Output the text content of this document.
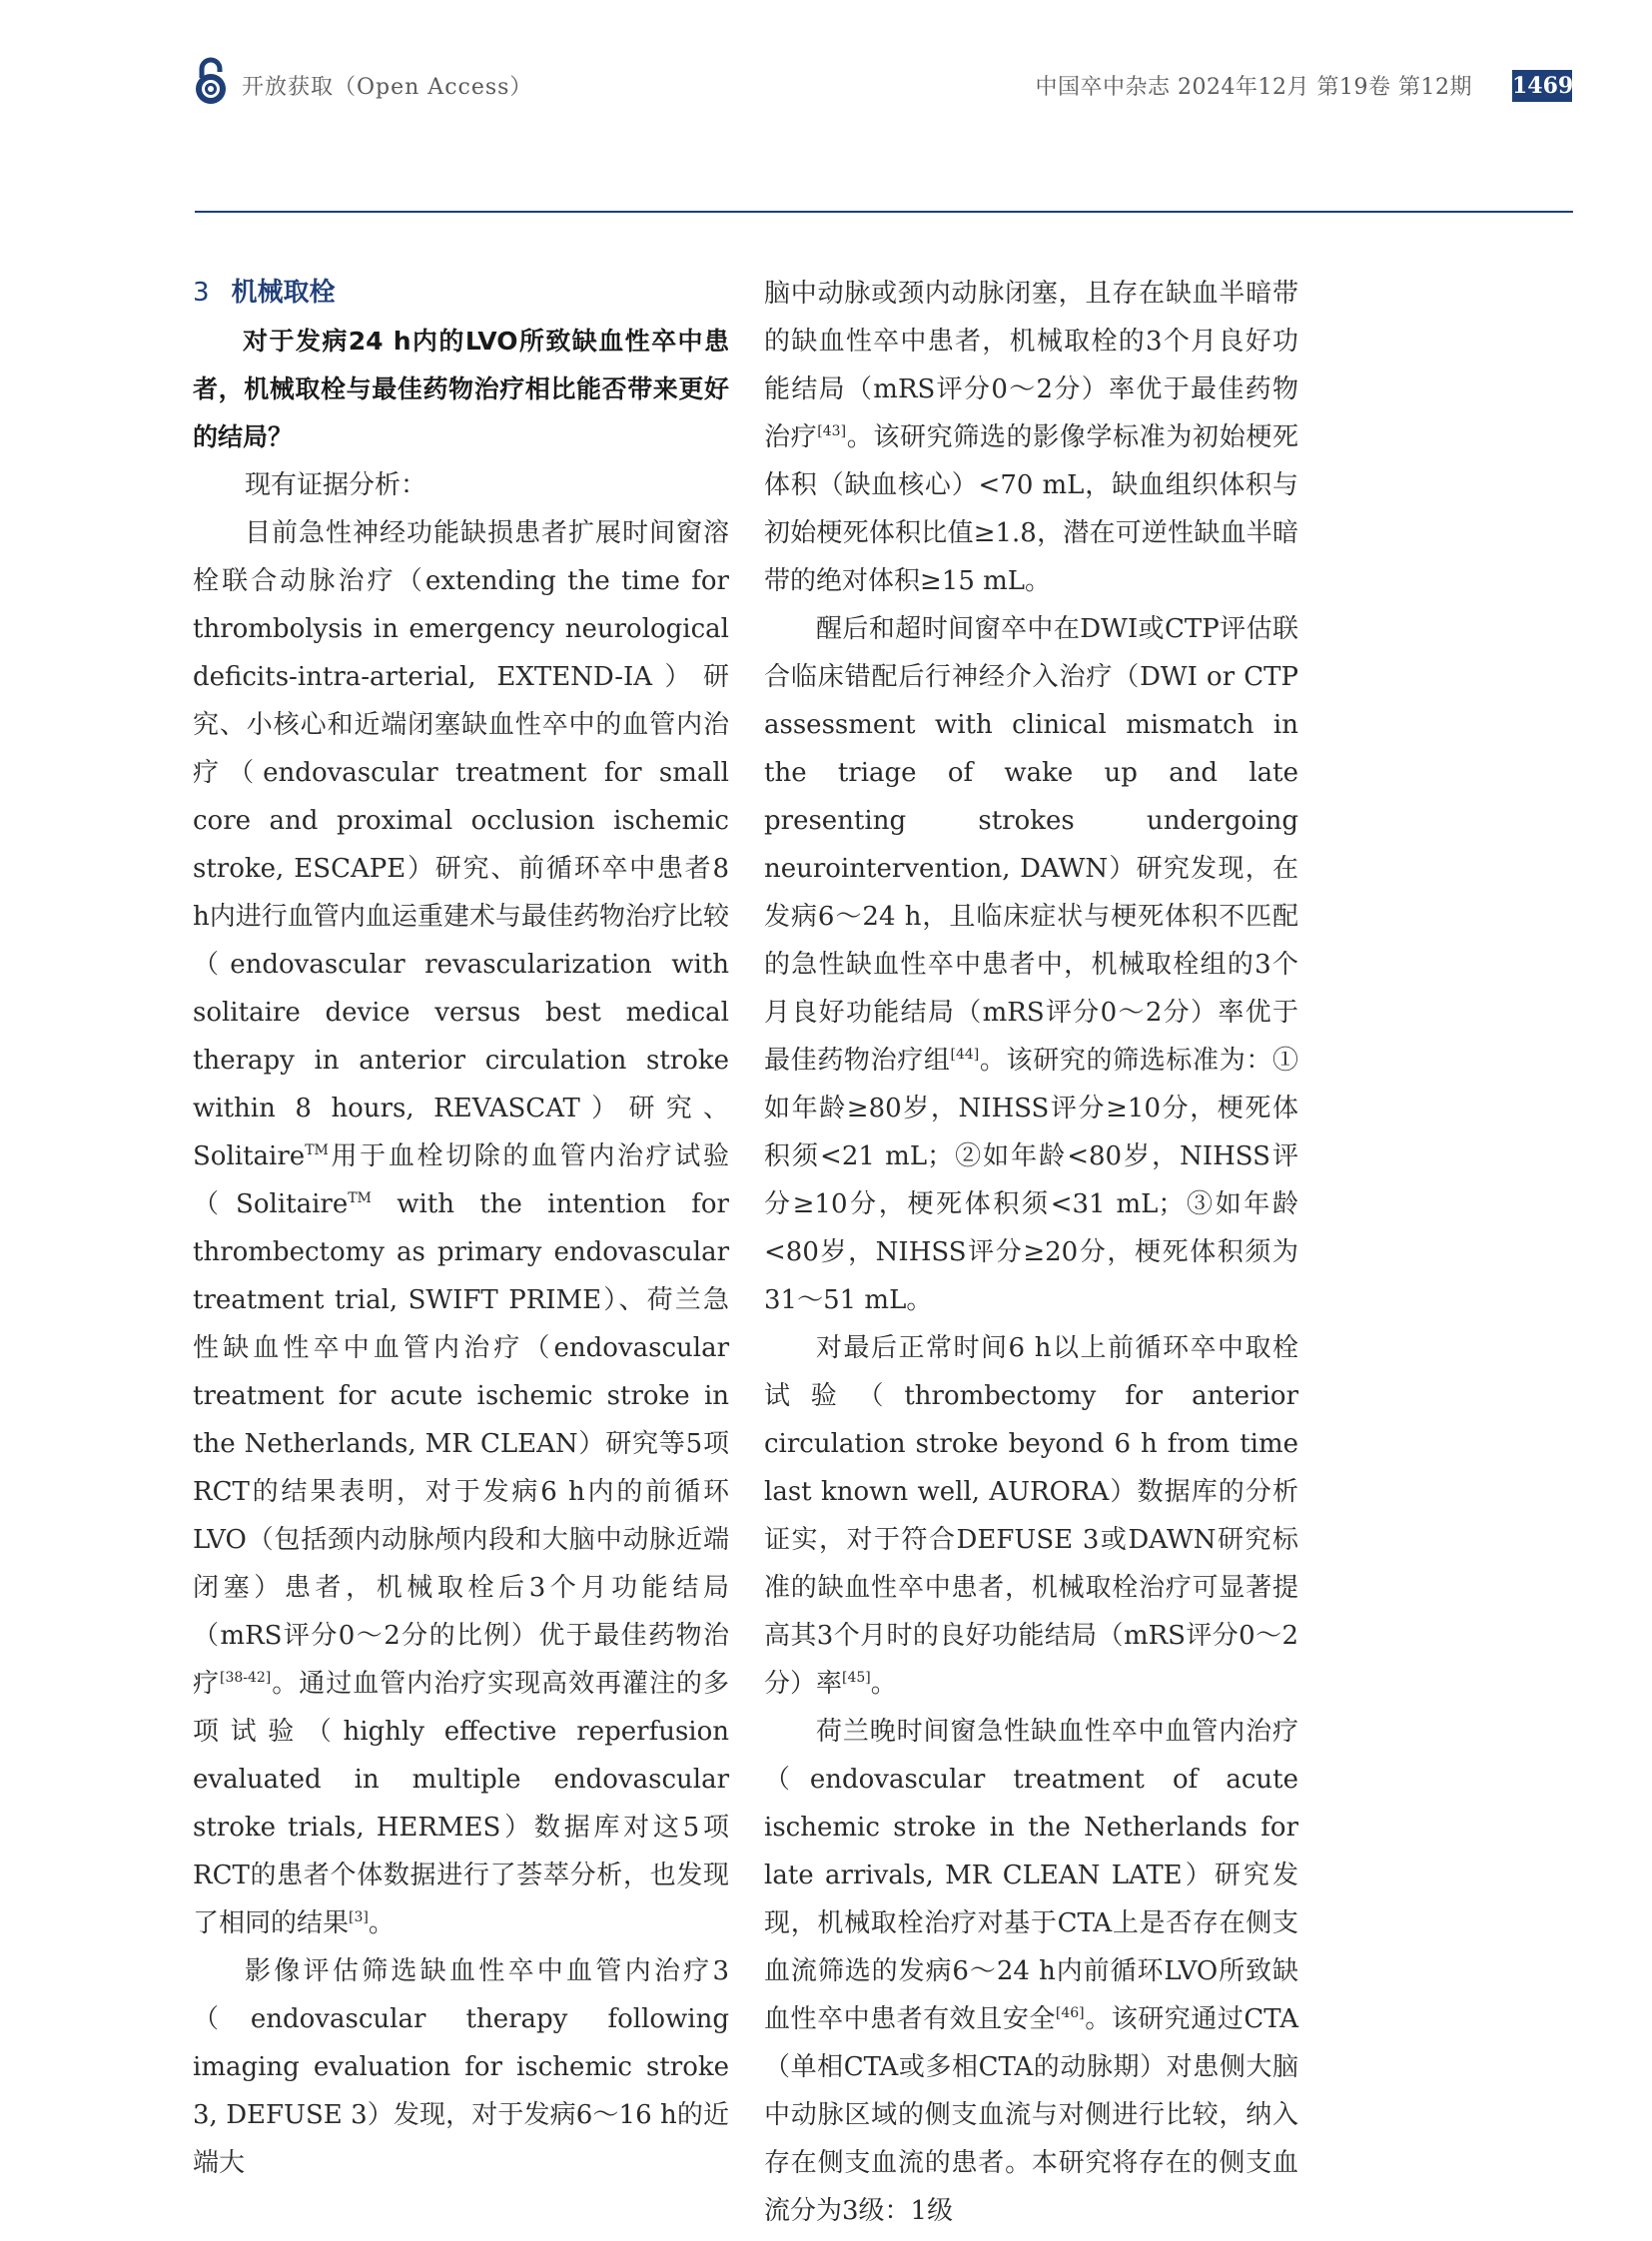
开放获取（Open Access）	中国卒中杂志 2024年12月 第19卷 第12期 1469
3 机械取栓

对于发病24 h内的LVO所致缺血性卒中患者，机械取栓与最佳药物治疗相比能否带来更好的结局？

现有证据分析：

目前急性神经功能缺损患者扩展时间窗溶栓联合动脉治疗（extending the time for thrombolysis in emergency neurological deficits-intra-arterial, EXTEND-IA）研究、小核心和近端闭塞缺血性卒中的血管内治疗（endovascular treatment for small core and proximal occlusion ischemic stroke, ESCAPE）研究、前循环卒中患者8 h内进行血管内血运重建术与最佳药物治疗比较（endovascular revascularization with solitaire device versus best medical therapy in anterior circulation stroke within 8 hours, REVASCAT）研究、Solitaire™用于血栓切除的血管内治疗试验（Solitaire™ with the intention for thrombectomy as primary endovascular treatment trial, SWIFT PRIME）、荷兰急性缺血性卒中血管内治疗（endovascular treatment for acute ischemic stroke in the Netherlands, MR CLEAN）研究等5项RCT的结果表明，对于发病6 h内的前循环LVO（包括颈内动脉颅内段和大脑中动脉近端闭塞）患者，机械取栓后3个月功能结局（mRS评分0～2分的比例）优于最佳药物治疗[38-42]。通过血管内治疗实现高效再灌注的多项试验（highly effective reperfusion evaluated in multiple endovascular stroke trials, HERMES）数据库对这5项RCT的患者个体数据进行了荟萃分析，也发现了相同的结果[3]。

影像评估筛选缺血性卒中血管内治疗3（endovascular therapy following imaging evaluation for ischemic stroke 3, DEFUSE 3）发现，对于发病6～16 h的近端大

脑中动脉或颈内动脉闭塞，且存在缺血半暗带的缺血性卒中患者，机械取栓的3个月良好功能结局（mRS评分0～2分）率优于最佳药物治疗[43]。该研究筛选的影像学标准为初始梗死体积（缺血核心）<70 mL，缺血组织体积与初始梗死体积比值≥1.8，潜在可逆性缺血半暗带的绝对体积≥15 mL。

醒后和超时间窗卒中在DWI或CTP评估联合临床错配后行神经介入治疗（DWI or CTP assessment with clinical mismatch in the triage of wake up and late presenting strokes undergoing neurointervention, DAWN）研究发现，在发病6～24 h，且临床症状与梗死体积不匹配的急性缺血性卒中患者中，机械取栓组的3个月良好功能结局（mRS评分0～2分）率优于最佳药物治疗组[44]。该研究的筛选标准为：①如年龄≥80岁，NIHSS评分≥10分，梗死体积须<21 mL；②如年龄<80岁，NIHSS评分≥10分，梗死体积须<31 mL；③如年龄<80岁，NIHSS评分≥20分，梗死体积须为31～51 mL。

对最后正常时间6 h以上前循环卒中取栓试验（thrombectomy for anterior circulation stroke beyond 6 h from time last known well, AURORA）数据库的分析证实，对于符合DEFUSE 3或DAWN研究标准的缺血性卒中患者，机械取栓治疗可显著提高其3个月时的良好功能结局（mRS评分0～2分）率[45]。

荷兰晚时间窗急性缺血性卒中血管内治疗（endovascular treatment of acute ischemic stroke in the Netherlands for late arrivals, MR CLEAN LATE）研究发现，机械取栓治疗对基于CTA上是否存在侧支血流筛选的发病6～24 h内前循环LVO所致缺血性卒中患者有效且安全[46]。该研究通过CTA（单相CTA或多相CTA的动脉期）对患侧大脑中动脉区域的侧支血流与对侧进行比较，纳入存在侧支血流的患者。本研究将存在的侧支血流分为3级：1级
